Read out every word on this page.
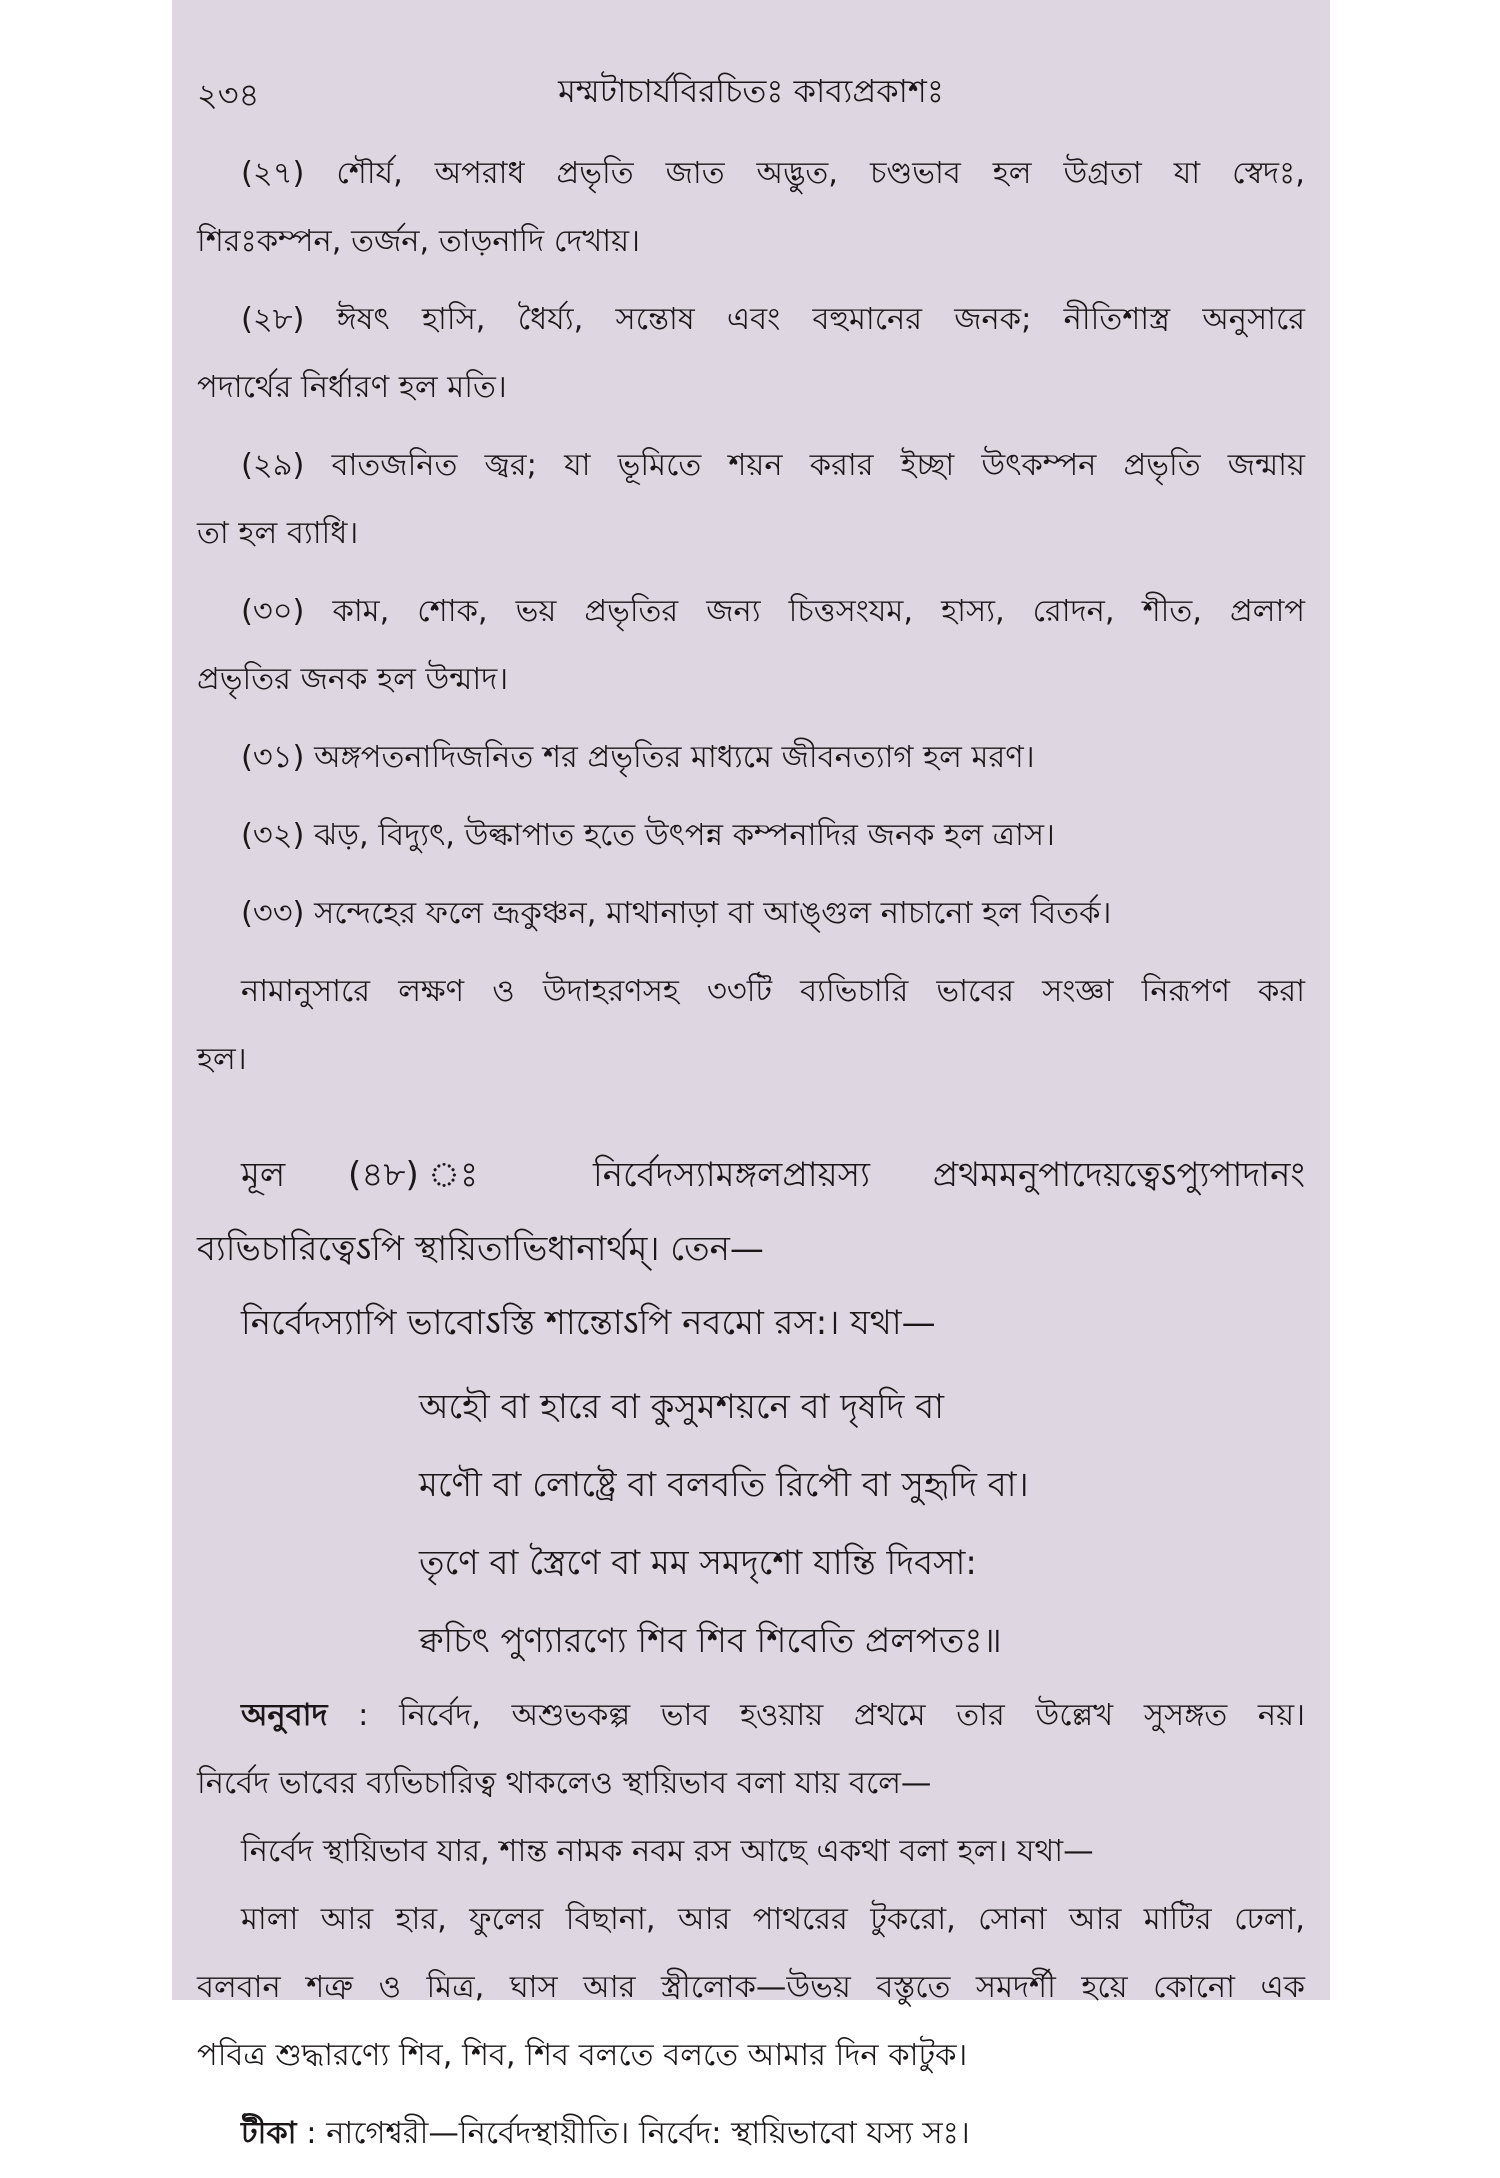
২৩৪	মম্মটাচার্যবিরচিতঃ কাব্যপ্রকাশঃ
(২৭) শৌর্য, অপরাধ প্রভৃতি জাত অদ্ভুত, চণ্ডভাব হল উগ্রতা যা স্বেদঃ,
শিরঃকম্পন, তর্জন, তাড়নাদি দেখায়।
(২৮) ঈষৎ হাসি, ধৈর্য্য, সন্তোষ এবং বহুমানের জনক; নীতিশাস্ত্র অনুসারে
পদার্থের নির্ধারণ হল মতি।
(২৯) বাতজনিত জ্বর; যা ভূমিতে শয়ন করার ইচ্ছা উৎকম্পন প্রভৃতি জন্মায়
তা হল ব্যাধি।
(৩০) কাম, শোক, ভয় প্রভৃতির জন্য চিত্তসংযম, হাস্য, রোদন, শীত, প্রলাপ
প্রভৃতির জনক হল উন্মাদ।
(৩১) অঙ্গপতনাদিজনিত শর প্রভৃতির মাধ্যমে জীবনত্যাগ হল মরণ।
(৩২) ঝড়, বিদ্যুৎ, উল্কাপাত হতে উৎপন্ন কম্পনাদির জনক হল ত্রাস।
(৩৩) সন্দেহের ফলে ভ্রূকুঞ্চন, মাথানাড়া বা আঙ্গুল নাচানো হল বিতর্ক।
নামানুসারে লক্ষণ ও উদাহরণসহ ৩৩টি ব্যভিচারি ভাবের সংজ্ঞা নিরূপণ করা
হল।
মূল (৪৮) ঃ নির্বেদস্যামঙ্গলপ্রায়স্য প্রথমমনুপাদেয়ত্বেऽপ্যুপাদানং
ব্যভিচারিত্বেऽপি স্থায়িতাভিধানার্থম্। তেন—
নির্বেদস্যাপি ভাবোऽস্তি শান্তোऽপি নবমো রস:। যথা—
অহৌ বা হারে বা কুসুমশয়নে বা দৃষদি বা
মণৌ বা লোষ্ট্রে বা বলবতি রিপৌ বা সুহৃদি বা।
তৃণে বা স্ত্রৈণে বা মম সমদৃশো যান্তি দিবসা:
ক্বচিৎ পুণ্যারণ্যে শিব শিব শিবেতি প্রলপতঃ॥
অনুবাদ : নির্বেদ, অশুভকল্প ভাব হওয়ায় প্রথমে তার উল্লেখ সুসঙ্গত নয়।
নির্বেদ ভাবের ব্যভিচারিত্ব থাকলেও স্থায়িভাব বলা যায় বলে—
নির্বেদ স্থায়িভাব যার, শান্ত নামক নবম রস আছে একথা বলা হল। যথা—
মালা আর হার, ফুলের বিছানা, আর পাথরের টুকরো, সোনা আর মাটির ঢেলা,
বলবান শত্রু ও মিত্র, ঘাস আর স্ত্রীলোক—উভয় বস্তুতে সমদর্শী হয়ে কোনো এক
পবিত্র শুদ্ধারণ্যে শিব, শিব, শিব বলতে বলতে আমার দিন কাটুক।
টীকা : নাগেশ্বরী—নির্বেদস্থায়ীতি। নির্বেদ: স্থায়িভাবো যস্য সঃ।
